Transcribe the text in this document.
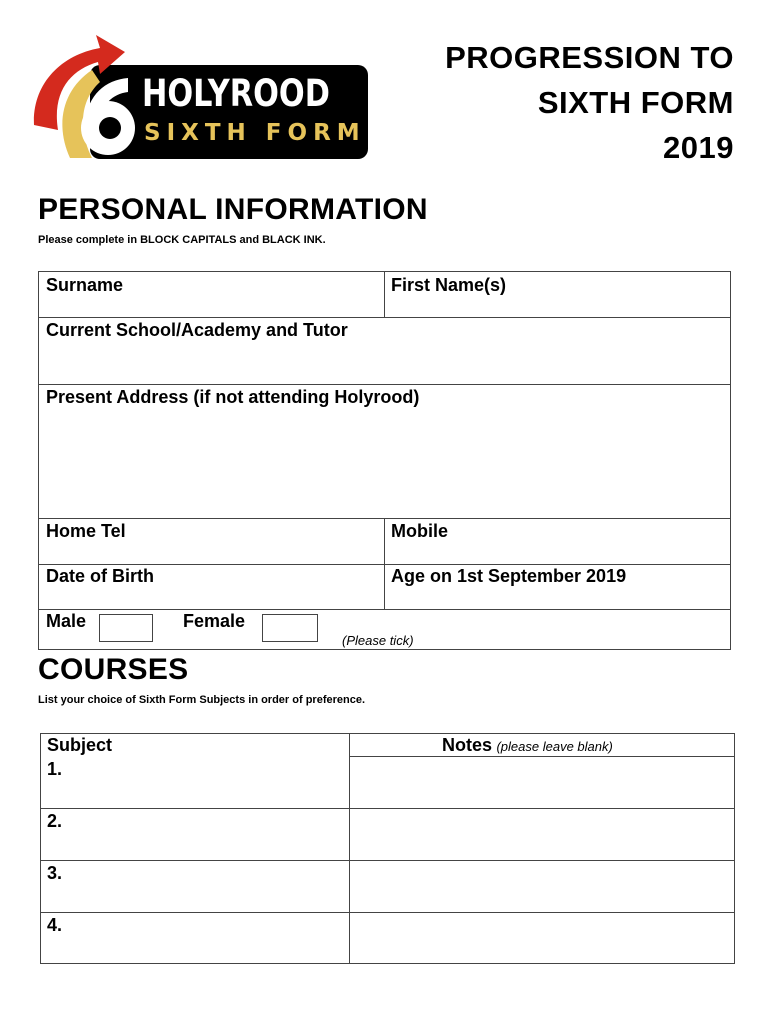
HOLYROOD
SIXTH FORM
PROGRESSION TO
SIXTH FORM
2019
PERSONAL INFORMATION

Please complete in BLOCK CAPITALS and BLACK INK.

Surname	First Name(s)
Current School/Academy and Tutor
Present Address (if not attending Holyrood)
Home Tel	Mobile
Date of Birth	Age on 1st September 2019
Male	Female
(Please tick)
COURSES

List your choice of Sixth Form Subjects in order of preference.

Subject	Notes (please leave blank)
1.
2.
3.
4.
